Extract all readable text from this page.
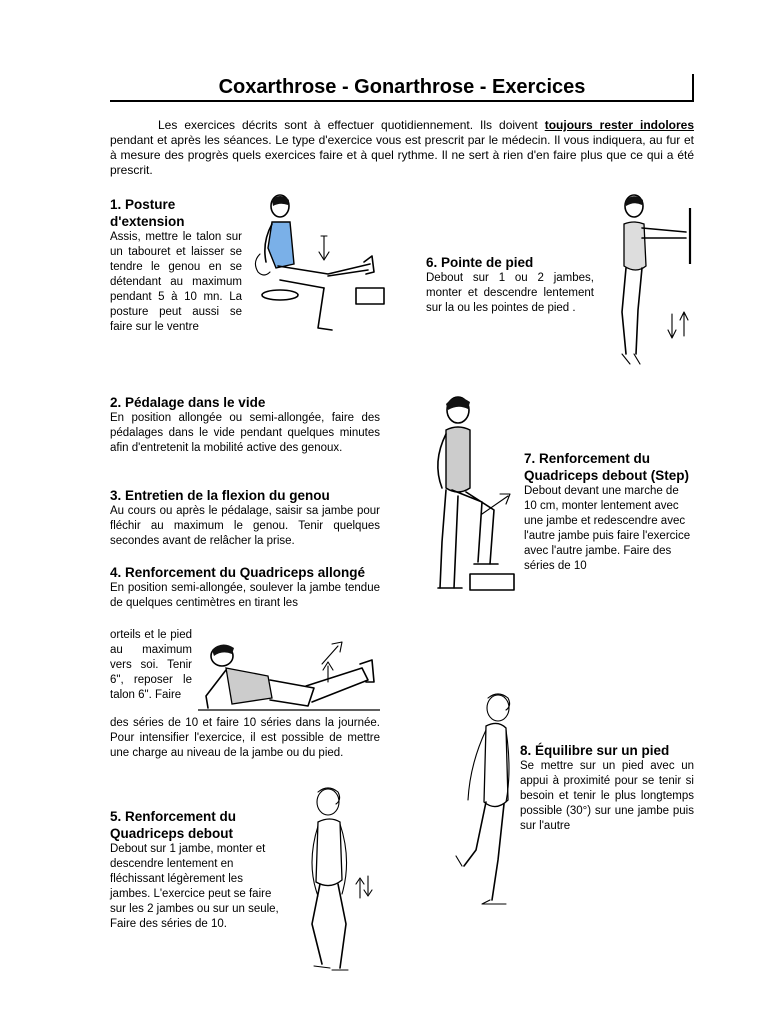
Coxarthrose - Gonarthrose - Exercices
Les exercices décrits sont à effectuer quotidiennement. Ils doivent toujours rester indolores pendant et après les séances. Le type d'exercice vous est prescrit par le médecin. Il vous indiquera, au fur et à mesure des progrès quels exercices faire et à quel rythme. Il ne sert à rien d'en faire plus que ce qui a été prescrit.
1. Posture d'extension
Assis, mettre le talon sur un tabouret et laisser se tendre le genou en se détendant au maximum pendant 5 à 10 mn. La posture peut aussi se faire sur le ventre
6. Pointe de pied
Debout sur 1 ou 2 jambes, monter et descendre lentement sur la ou les pointes de pied .
2. Pédalage dans le vide
En position allongée ou semi-allongée, faire des pédalages dans le vide pendant quelques minutes afin d'entretenit la mobilité active des genoux.
7. Renforcement du Quadriceps debout (Step)
Debout devant une marche de 10 cm, monter lentement avec une jambe et redescendre avec l'autre jambe puis faire l'exercice avec l'autre jambe. Faire des séries de 10
3. Entretien de la flexion du genou
Au cours ou après le pédalage, saisir sa jambe pour fléchir au maximum le genou. Tenir quelques secondes avant de relâcher la prise.
4. Renforcement du Quadriceps allongé
En position semi-allongée, soulever la jambe tendue de quelques centimètres en tirant les
orteils et le pied au maximum vers soi. Tenir 6", reposer le talon 6". Faire
des séries de 10 et faire 10 séries dans la journée. Pour intensifier l'exercice, il est possible de mettre une charge au niveau de la jambe ou du pied.	8. Équilibre sur un pied
Se mettre sur un pied avec un appui à proximité pour se tenir si besoin et tenir le plus longtemps possible (30°) sur une jambe puis sur l'autre
5. Renforcement du Quadriceps debout
Debout sur 1 jambe, monter et descendre lentement en fléchissant légèrement les jambes. L'exercice peut se faire sur les 2 jambes ou sur un seule, Faire des séries de 10.
